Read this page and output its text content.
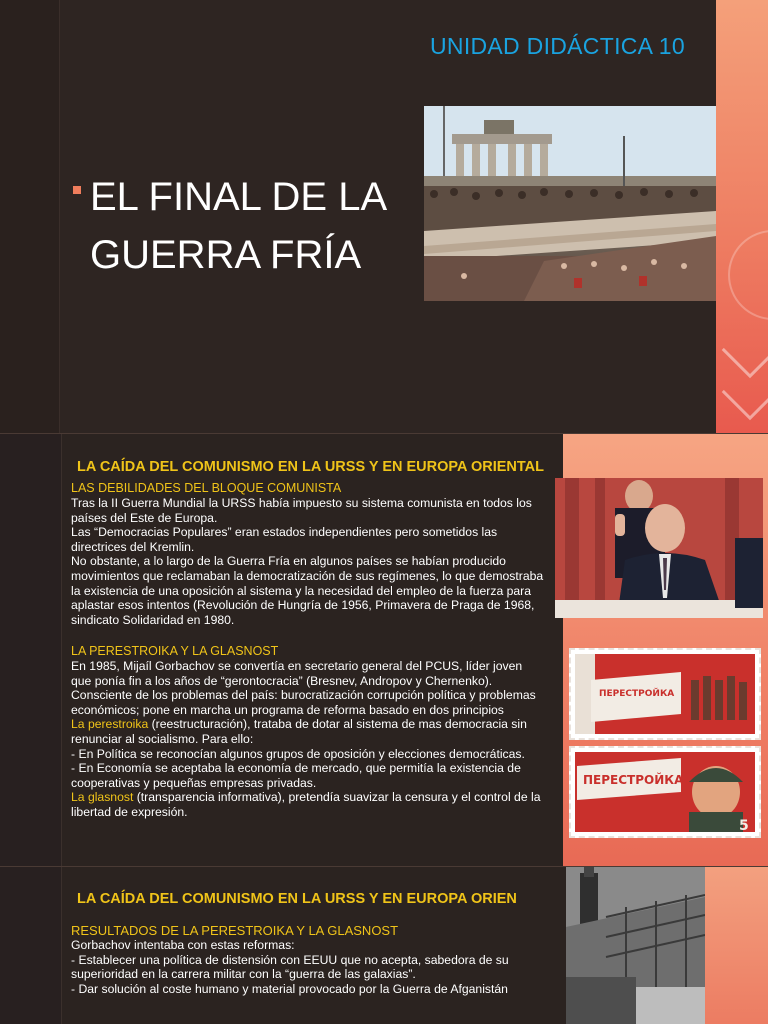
UNIDAD DIDÁCTICA 10
EL FINAL DE LA
GUERRA FRÍA
LA CAÍDA DEL COMUNISMO EN LA URSS Y EN EUROPA ORIENTAL
LAS DEBILIDADES DEL BLOQUE COMUNISTA

Tras la II Guerra Mundial la URSS había impuesto su sistema comunista en todos los países del Este de Europa.

Las “Democracias Populares” eran estados independientes pero sometidos las directrices del Kremlin.

No obstante, a lo largo de la Guerra Fría en algunos países se habían producido movimientos que reclamaban la democratización de sus regímenes, lo que demostraba la existencia de una oposición al sistema y la necesidad del empleo de la fuerza para aplastar esos intentos (Revolución de Hungría de 1956, Primavera de Praga de 1968, sindicato Solidaridad en 1980.

LA PERESTROIKA Y LA GLASNOST

En 1985, Mijaíl Gorbachov se convertía en secretario general del PCUS, líder joven que ponía fin a los años de “gerontocracia” (Bresnev, Andropov y Chernenko).

Consciente de los problemas del país: burocratización corrupción política y problemas económicos; pone en marcha un programa de reforma basado en dos principios

La perestroika (reestructuración), trataba de dotar al sistema de mas democracia sin renunciar al socialismo. Para ello:

- En Política se reconocían algunos grupos de oposición y elecciones democráticas.

- En Economía se aceptaba la economía de mercado, que permitía la existencia de cooperativas y pequeñas empresas privadas.

La glasnost (transparencia informativa), pretendía suavizar la censura y el control de la libertad de expresión.

ПЕРЕСТРОЙКА
ПЕРЕСТРОЙКА
5
LA CAÍDA DEL COMUNISMO EN LA URSS Y EN EUROPA ORIEN
RESULTADOS DE LA PERESTROIKA Y LA GLASNOST

Gorbachov intentaba con estas reformas:

- Establecer una política de distensión con EEUU que no acepta, sabedora de su superioridad en la carrera militar con la “guerra de las galaxias”.

- Dar solución al coste humano y material provocado por la Guerra de Afganistán
